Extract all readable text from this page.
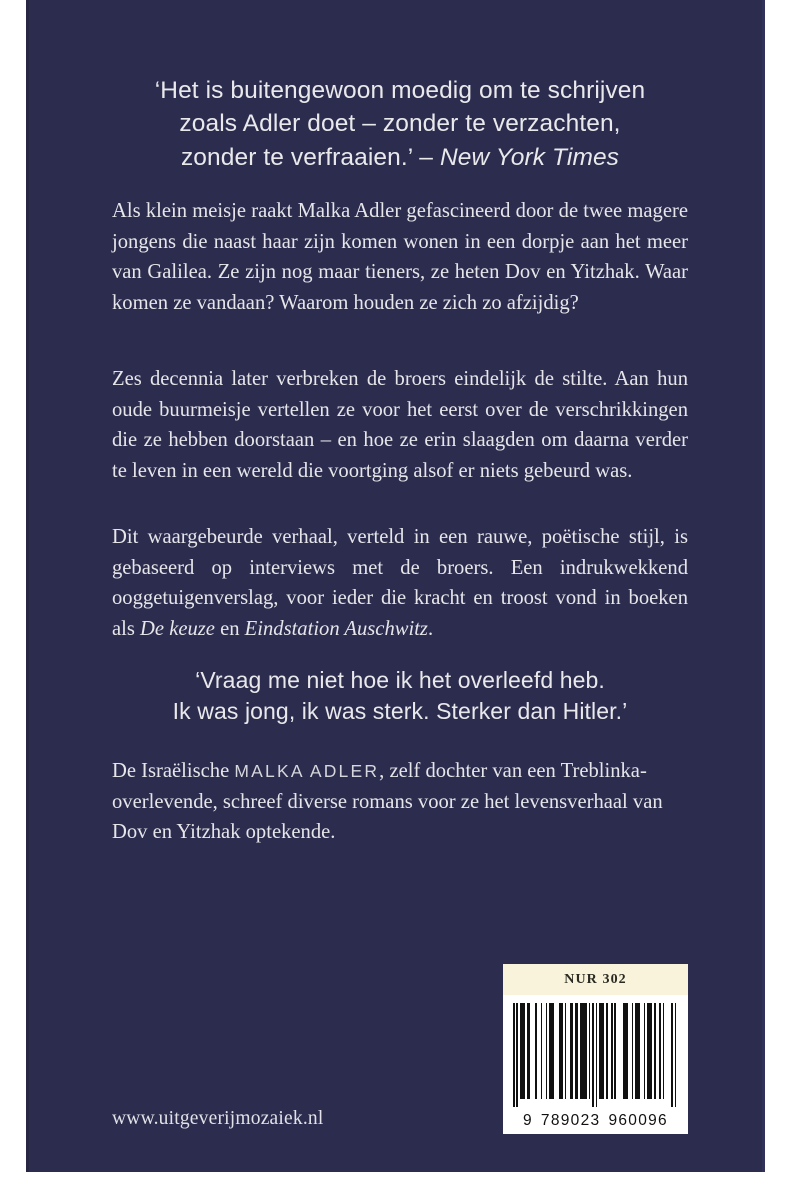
‘Het is buitengewoon moedig om te schrijven
zoals Adler doet – zonder te verzachten,
zonder te verfraaien.’ – New York Times

Als klein meisje raakt Malka Adler gefascineerd door de twee magere jongens die naast haar zijn komen wonen in een dorpje aan het meer van Galilea. Ze zijn nog maar tieners, ze heten Dov en Yitzhak. Waar komen ze vandaan? Waarom houden ze zich zo afzijdig?

Zes decennia later verbreken de broers eindelijk de stilte. Aan hun oude buurmeisje vertellen ze voor het eerst over de verschrikkingen die ze hebben doorstaan – en hoe ze erin slaagden om daarna verder te leven in een wereld die voortging alsof er niets gebeurd was.

Dit waargebeurde verhaal, verteld in een rauwe, poëtische stijl, is gebaseerd op interviews met de broers. Een indrukwekkend ooggetuigenverslag, voor ieder die kracht en troost vond in boeken als De keuze en Eindstation Auschwitz.

‘Vraag me niet hoe ik het overleefd heb.
Ik was jong, ik was sterk. Sterker dan Hitler.’

De Israëlische MALKA ADLER, zelf dochter van een Treblinka-overlevende, schreef diverse romans voor ze het levensverhaal van Dov en Yitzhak optekende.

www.uitgeverijmozaiek.nl
NUR 302
9 789023 960096
